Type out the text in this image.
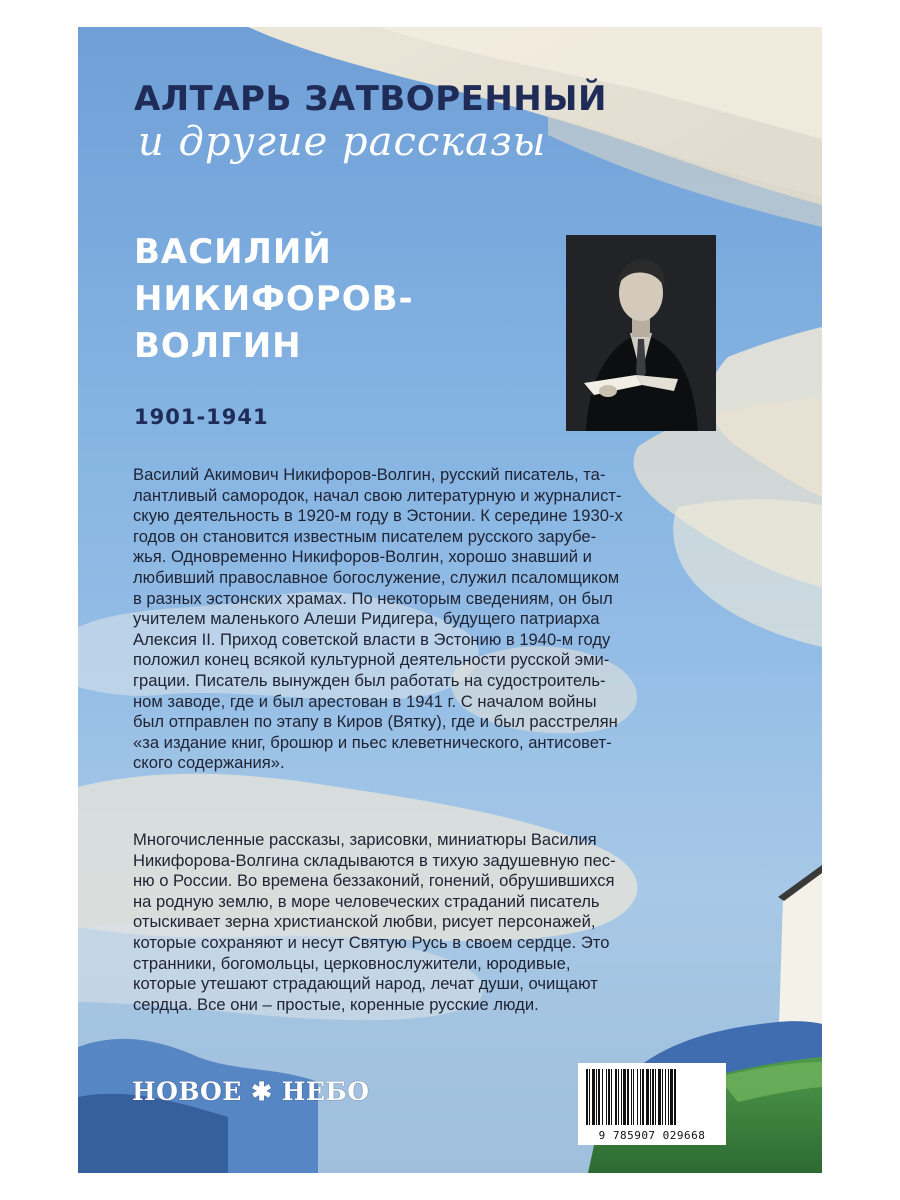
АЛТАРЬ ЗАТВОРЕННЫЙ
и другие рассказы
ВАСИЛИЙ
НИКИФОРОВ-
ВОЛГИН
1901-1941
Василий Акимович Никифоров-Волгин, русский писатель, та-
лантливый самородок, начал свою литературную и журналист-
скую деятельность в 1920-м году в Эстонии. К середине 1930-х
годов он становится известным писателем русского зарубе-
жья. Одновременно Никифоров-Волгин, хорошо знавший и
любивший православное богослужение, служил псаломщиком
в разных эстонских храмах. По некоторым сведениям, он был
учителем маленького Алеши Ридигера, будущего патриарха
Алексия II. Приход советской власти в Эстонию в 1940-м году
положил конец всякой культурной деятельности русской эми-
грации. Писатель вынужден был работать на судостроитель-
ном заводе, где и был арестован в 1941 г. С началом войны
был отправлен по этапу в Киров (Вятку), где и был расстрелян
«за издание книг, брошюр и пьес клеветнического, антисовет-
ского содержания».
Многочисленные рассказы, зарисовки, миниатюры Василия
Никифорова-Волгина складываются в тихую задушевную пес-
ню о России. Во времена беззаконий, гонений, обрушившихся
на родную землю, в море человеческих страданий писатель
отыскивает зерна христианской любви, рисует персонажей,
которые сохраняют и несут Святую Русь в своем сердце. Это
странники, богомольцы, церковнослужители, юродивые,
которые утешают страдающий народ, лечат души, очищают
сердца. Все они – простые, коренные русские люди.
НОВОЕ ✱ НЕБО
9 785907 029668
